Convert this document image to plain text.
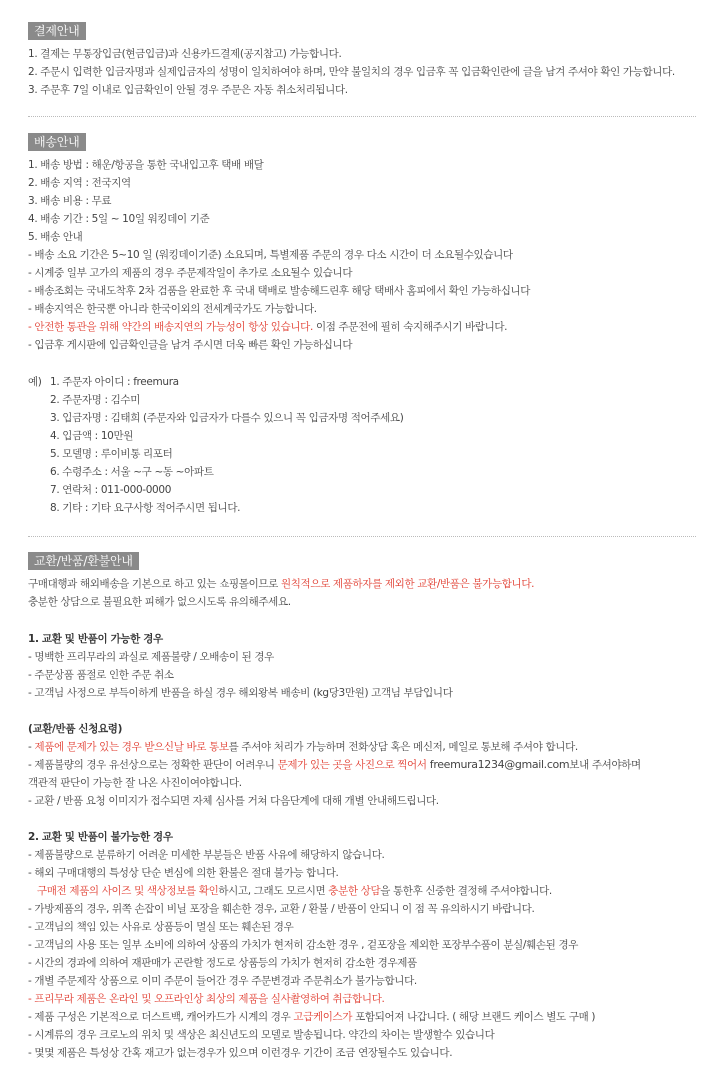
결제안내
1. 결제는 무통장입금(현금입금)과 신용카드결제(공지참고) 가능합니다.
2. 주문시 입력한 입금자명과 실제입금자의 성명이 일치하여야 하며, 만약 불일치의 경우 입금후 꼭 입금확인란에 글을 남겨 주셔야 확인 가능합니다.
3. 주문후 7일 이내로 입금확인이 안될 경우 주문은 자동 취소처리됩니다.
배송안내
1. 배송 방법 : 해운/항공을 통한 국내입고후 택배 배달
2. 배송 지역 : 전국지역
3. 배송 비용 : 무료
4. 배송 기간 : 5일 ~ 10일 워킹데이 기준
5. 배송 안내
- 배송 소요 기간은 5~10 일 (워킹데이기준) 소요되며, 특별제품 주문의 경우 다소 시간이 더 소요될수있습니다
- 시계중 일부 고가의 제품의 경우 주문제작일이 추가로 소요될수 있습니다
- 배송조회는 국내도착후 2차 검품을 완료한 후 국내 택배로 발송해드린후 해당 택배사 홈피에서 확인 가능하십니다
- 배송지역은 한국뿐 아니라 한국이외의 전세계국가도 가능합니다.
- 안전한 통관을 위해 약간의 배송지연의 가능성이 항상 있습니다. 이점 주문전에 필히 숙지해주시기 바랍니다.
- 입금후 게시판에 입금확인글을 남겨 주시면 더욱 빠른 확인 가능하십니다
예) 1. 주문자 아이디 : freemura
2. 주문자명 : 김수미
3. 입금자명 : 김태희 (주문자와 입금자가 다를수 있으니 꼭 입금자명 적어주세요)
4. 입금액 : 10만원
5. 모델명 : 루이비통 리포터
6. 수령주소 : 서울 ~구 ~동 ~아파트
7. 연락처 : 011-000-0000
8. 기타 : 기타 요구사항 적어주시면 됩니다.
교환/반품/환불안내
구매대행과 해외배송을 기본으로 하고 있는 쇼핑몰이므로 원칙적으로 제품하자를 제외한 교환/반품은 불가능합니다.
충분한 상담으로 불필요한 피해가 없으시도록 유의해주세요.
1. 교환 및 반품이 가능한 경우
- 명백한 프리무라의 과실로 제품불량 / 오배송이 된 경우
- 주문상품 품절로 인한 주문 취소
- 고객님 사정으로 부득이하게 반품을 하실 경우 해외왕복 배송비 (kg당3만원) 고객님 부담입니다
(교환/반품 신청요령)
- 제품에 문제가 있는 경우 받으신날 바로 통보를 주셔야 처리가 가능하며 전화상담 혹은 메신저, 메일로 통보해 주셔야 합니다.
- 제품불량의 경우 유선상으로는 정확한 판단이 어려우니 문제가 있는 곳을 사진으로 찍어서 freemura1234@gmail.com보내 주셔야하며
객관적 판단이 가능한 잘 나온 사진이여야합니다.
- 교환 / 반품 요청 이미지가 접수되면 자체 심사를 거쳐 다음단계에 대해 개별 안내해드립니다.
2. 교환 및 반품이 불가능한 경우
- 제품불량으로 분류하기 어려운 미세한 부분들은 반품 사유에 해당하지 않습니다.
- 해외 구매대행의 특성상 단순 변심에 의한 환불은 절대 불가능 합니다.
구매전 제품의 사이즈 및 색상정보를 확인하시고, 그래도 모르시면 충분한 상담을 통한후 신중한 결정해 주셔야합니다.
- 가방제품의 경우, 위쪽 손잡이 비닐 포장을 훼손한 경우, 교환 / 환불 / 반품이 안되니 이 점 꼭 유의하시기 바랍니다.
- 고객님의 책임 있는 사유로 상품등이 멸실 또는 훼손된 경우
- 고객님의 사용 또는 일부 소비에 의하여 상품의 가치가 현저히 감소한 경우 , 겉포장을 제외한 포장부수품이 분실/훼손된 경우
- 시간의 경과에 의하여 재판매가 곤란할 정도로 상품등의 가치가 현저히 감소한 경우제품
- 개별 주문제작 상품으로 이미 주문이 들어간 경우 주문변경과 주문취소가 불가능합니다.
- 프리무라 제품은 온라인 및 오프라인상 최상의 제품을 실사촬영하여 취급합니다.
- 제품 구성은 기본적으로 더스트백, 캐어카드가 시계의 경우 고급케이스가 포함되어져 나갑니다. ( 해당 브랜드 케이스 별도 구매 )
- 시계류의 경우 크로노의 위치 및 색상은 최신년도의 모델로 발송됩니다. 약간의 차이는 발생할수 있습니다
- 몇몇 제품은 특성상 간혹 재고가 없는경우가 있으며 이런경우 기간이 조금 연장될수도 있습니다.
